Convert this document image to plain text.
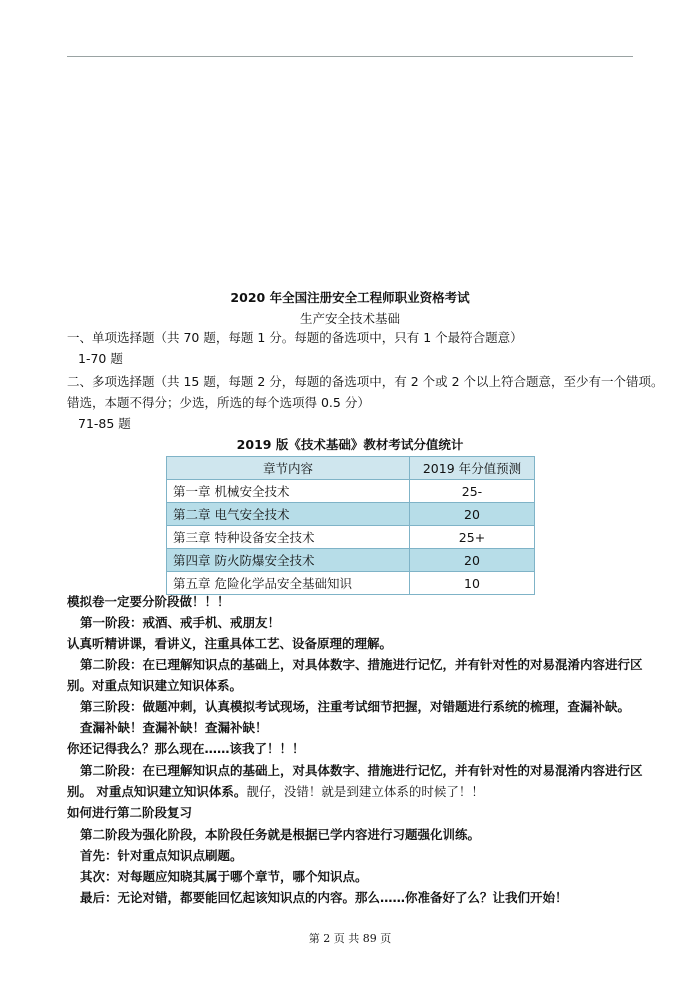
2020 年全国注册安全工程师职业资格考试
生产安全技术基础
一、单项选择题（共 70 题，每题 1 分。每题的备选项中，只有 1 个最符合题意）
1-70 题
二、多项选择题（共 15 题，每题 2 分，每题的备选项中，有 2 个或 2 个以上符合题意，至少有一个错项。
错选，本题不得分；少选，所选的每个选项得 0.5 分）
71-85 题
2019 版《技术基础》教材考试分值统计
章节内容	2019 年分值预测
第一章 机械安全技术	25-
第二章 电气安全技术	20
第三章 特种设备安全技术	25+
第四章 防火防爆安全技术	20
第五章 危险化学品安全基础知识	10
模拟卷一定要分阶段做！！！
第一阶段：戒酒、戒手机、戒朋友！
认真听精讲课，看讲义，注重具体工艺、设备原理的理解。
第二阶段：在已理解知识点的基础上，对具体数字、措施进行记忆，并有针对性的对易混淆内容进行区
别。对重点知识建立知识体系。
第三阶段：做题冲刺，认真模拟考试现场，注重考试细节把握，对错题进行系统的梳理，查漏补缺。
查漏补缺！查漏补缺！查漏补缺！
你还记得我么？那么现在……该我了！！！
第二阶段：在已理解知识点的基础上，对具体数字、措施进行记忆，并有针对性的对易混淆内容进行区
别。 对重点知识建立知识体系。靓仔，没错！就是到建立体系的时候了！！
如何进行第二阶段复习
第二阶段为强化阶段，本阶段任务就是根据已学内容进行习题强化训练。
首先：针对重点知识点刷题。
其次：对每题应知晓其属于哪个章节，哪个知识点。
最后：无论对错，都要能回忆起该知识点的内容。那么……你准备好了么？让我们开始！
第 2 页 共 89 页
